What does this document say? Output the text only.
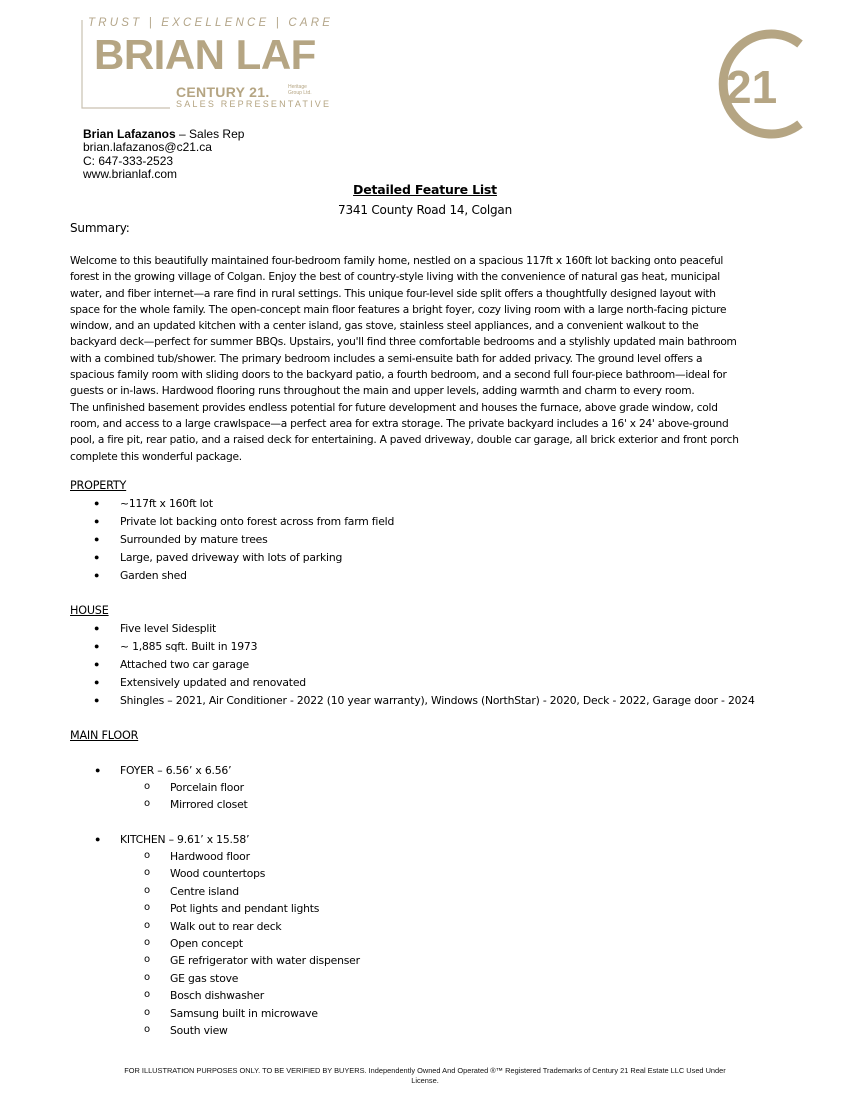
TRUST | EXCELLENCE | CARE
BRIAN LAF
CENTURY 21.	Heritage Group Ltd.
SALES REPRESENTATIVE	21
Brian Lafazanos – Sales Rep
brian.lafazanos@c21.ca
C: 647-333-2523
www.brianlaf.com
Detailed Feature List
7341 County Road 14, Colgan
Summary:
Welcome to this beautifully maintained four-bedroom family home, nestled on a spacious 117ft x 160ft lot backing onto peaceful
forest in the growing village of Colgan. Enjoy the best of country-style living with the convenience of natural gas heat, municipal
water, and fiber internet—a rare find in rural settings. This unique four-level side split offers a thoughtfully designed layout with
space for the whole family. The open-concept main floor features a bright foyer, cozy living room with a large north-facing picture
window, and an updated kitchen with a center island, gas stove, stainless steel appliances, and a convenient walkout to the
backyard deck—perfect for summer BBQs. Upstairs, you'll find three comfortable bedrooms and a stylishly updated main bathroom
with a combined tub/shower. The primary bedroom includes a semi-ensuite bath for added privacy. The ground level offers a
spacious family room with sliding doors to the backyard patio, a fourth bedroom, and a second full four-piece bathroom—ideal for
guests or in-laws. Hardwood flooring runs throughout the main and upper levels, adding warmth and charm to every room.
The unfinished basement provides endless potential for future development and houses the furnace, above grade window, cold
room, and access to a large crawlspace—a perfect area for extra storage. The private backyard includes a 16' x 24' above-ground
pool, a fire pit, rear patio, and a raised deck for entertaining. A paved driveway, double car garage, all brick exterior and front porch
complete this wonderful package.
PROPERTY
● ~117ft x 160ft lot
● Private lot backing onto forest across from farm field
● Surrounded by mature trees
● Large, paved driveway with lots of parking
● Garden shed
HOUSE
● Five level Sidesplit
● ~ 1,885 sqft. Built in 1973
● Attached two car garage
● Extensively updated and renovated
● Shingles – 2021, Air Conditioner - 2022 (10 year warranty), Windows (NorthStar) - 2020, Deck - 2022, Garage door - 2024
MAIN FLOOR
● FOYER – 6.56’ x 6.56’
o Porcelain floor
o Mirrored closet
● KITCHEN – 9.61’ x 15.58’
o Hardwood floor
o Wood countertops
o Centre island
o Pot lights and pendant lights
o Walk out to rear deck
o Open concept
o GE refrigerator with water dispenser
o GE gas stove
o Bosch dishwasher
o Samsung built in microwave
o South view
FOR ILLUSTRATION PURPOSES ONLY. TO BE VERIFIED BY BUYERS. Independently Owned And Operated ®™ Registered Trademarks of Century 21 Real Estate LLC Used Under
License.
